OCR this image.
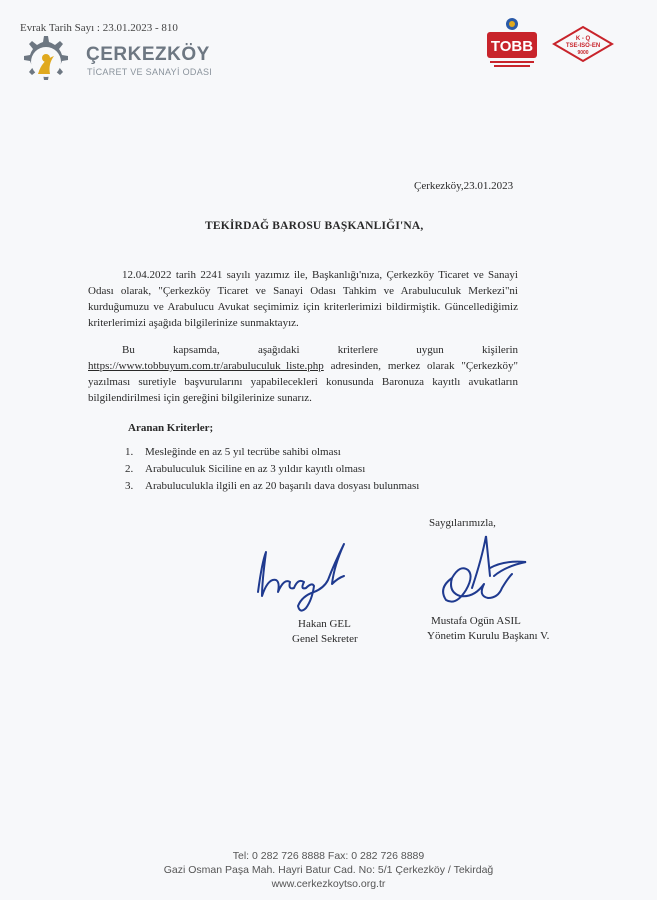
Evrak Tarih Sayı : 23.01.2023 - 810
ÇERKEZKÖY
TİCARET VE SANAYİ ODASI
TOBB	K - Q
TSE-ISO-EN
9000
Çerkezköy,23.01.2023
TEKİRDAĞ BAROSU BAŞKANLIĞI'NA,
12.04.2022 tarih 2241 sayılı yazımız ile, Başkanlığı'nıza, Çerkezköy Ticaret ve Sanayi Odası olarak, "Çerkezköy Ticaret ve Sanayi Odası Tahkim ve Arabuluculuk Merkezi"ni kurduğumuzu ve Arabulucu Avukat seçimimiz için kriterlerimizi bildirmiştik. Güncellediğimiz kriterlerimizi aşağıda bilgilerinize sunmaktayız.
Bu kapsamda, aşağıdaki kriterlere uygun kişilerin https://www.tobbuyum.com.tr/arabuluculuk_liste.php adresinden, merkez olarak "Çerkezköy" yazılması suretiyle başvurularını yapabilecekleri konusunda Baronuza kayıtlı avukatların bilgilendirilmesi için gereğini bilgilerinize sunarız.
Aranan Kriterler;
1. Mesleğinde en az 5 yıl tecrübe sahibi olması
2. Arabuluculuk Siciline en az 3 yıldır kayıtlı olması
3. Arabuluculukla ilgili en az 20 başarılı dava dosyası bulunması
Saygılarımızla,
Hakan GEL
Genel Sekreter
Mustafa Ogün ASIL
Yönetim Kurulu Başkanı V.
Tel: 0 282 726 8888 Fax: 0 282 726 8889
Gazi Osman Paşa Mah. Hayri Batur Cad. No: 5/1 Çerkezköy / Tekirdağ
www.cerkezkoytso.org.tr
